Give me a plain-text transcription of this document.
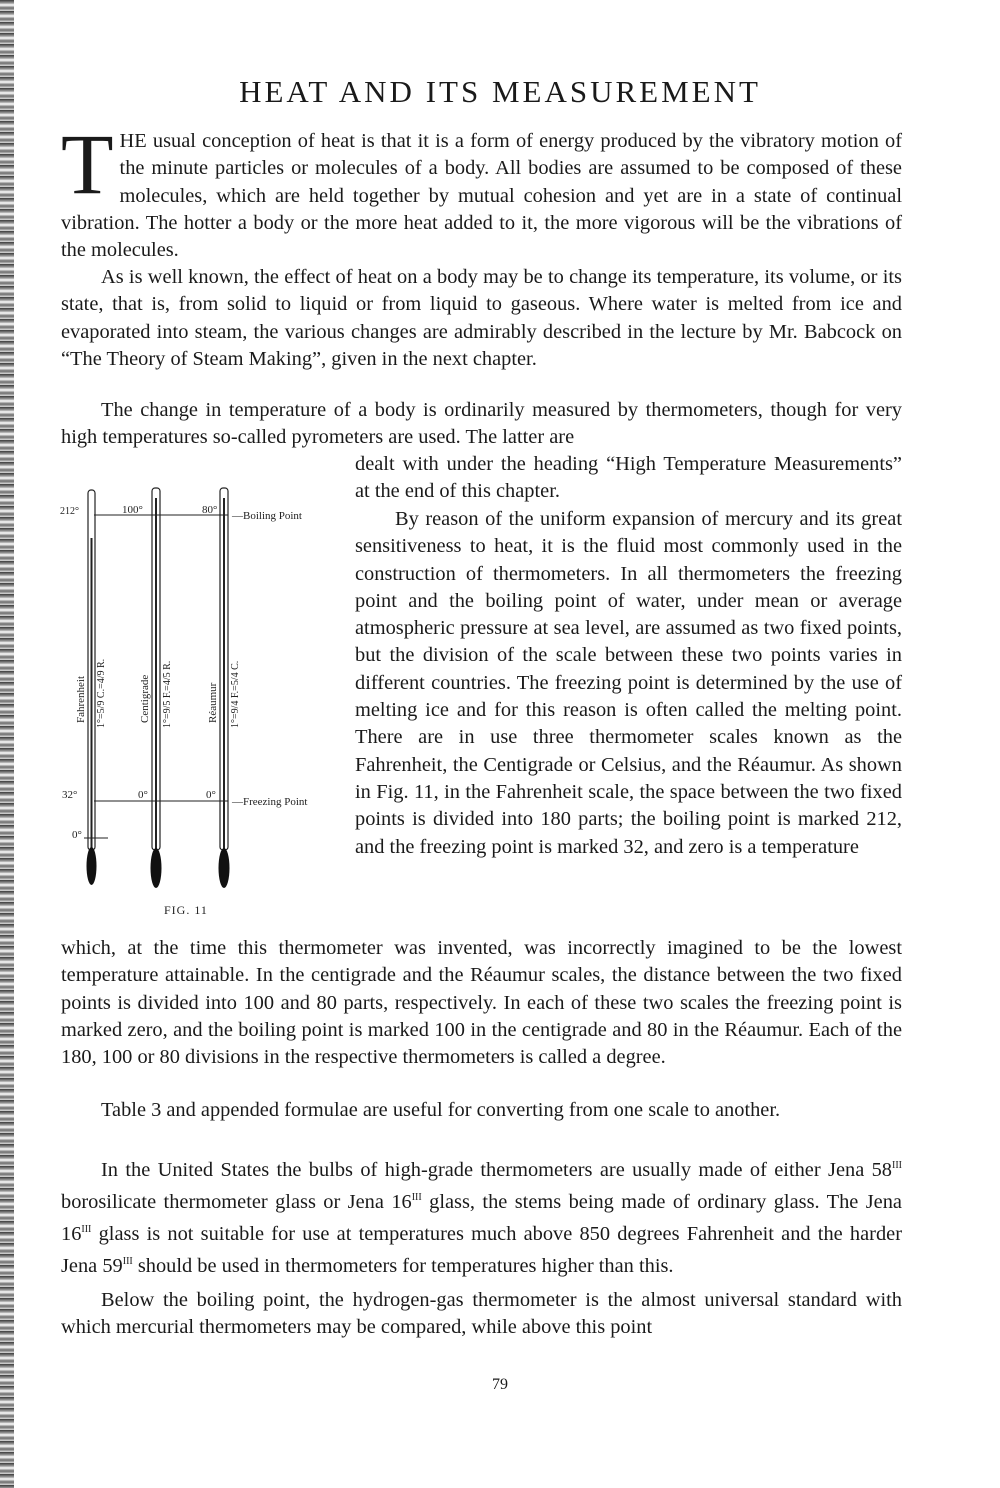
HEAT AND ITS MEASUREMENT

THE usual conception of heat is that it is a form of energy produced by the vibratory motion of the minute particles or molecules of a body. All bodies are assumed to be composed of these molecules, which are held together by mutual cohesion and yet are in a state of continual vibration. The hotter a body or the more heat added to it, the more vigorous will be the vibrations of the molecules.

As is well known, the effect of heat on a body may be to change its temperature, its volume, or its state, that is, from solid to liquid or from liquid to gaseous. Where water is melted from ice and evaporated into steam, the various changes are admirably described in the lecture by Mr. Babcock on “The Theory of Steam Making”, given in the next chapter.

The change in temperature of a body is ordinarily measured by thermometers, though for very high temperatures so-called pyrometers are used. The latter are

dealt with under the heading “High Temperature Measurements” at the end of this chapter.

By reason of the uniform expansion of mercury and its great sensitiveness to heat, it is the fluid most commonly used in the construction of thermometers. In all thermometers the freezing point and the boiling point of water, under mean or average atmospheric pressure at sea level, are assumed as two fixed points, but the division of the scale between these two points varies in different countries. The freezing point is determined by the use of melting ice and for this reason is often called the melting point. There are in use three thermometer scales known as the Fahrenheit, the Centigrade or Celsius, and the Réaumur. As shown in Fig. 11, in the Fahrenheit scale, the space between the two fixed points is divided into 180 parts; the boiling point is marked 212, and the freezing point is marked 32, and zero is a temperature

212°	100°	80° —Boiling Point
32°	0°	0°
—Freezing Point
0°
Fahrenheit 1°=5/9 C.=4/9 R.	Centigrade 1°=9/5 F.=4/5 R.	Réaumur 1°=9/4 F.=5/4 C.
FIG. 11

which, at the time this thermometer was invented, was incorrectly imagined to be the lowest temperature attainable. In the centigrade and the Réaumur scales, the distance between the two fixed points is divided into 100 and 80 parts, respectively. In each of these two scales the freezing point is marked zero, and the boiling point is marked 100 in the centigrade and 80 in the Réaumur. Each of the 180, 100 or 80 divisions in the respective thermometers is called a degree.

Table 3 and appended formulae are useful for converting from one scale to another.

In the United States the bulbs of high-grade thermometers are usually made of either Jena $58^{III}$ borosilicate thermometer glass or Jena $16^{III}$ glass, the stems being made of ordinary glass. The Jena $16^{III}$ glass is not suitable for use at temperatures much above 850 degrees Fahrenheit and the harder Jena $59^{III}$ should be used in thermometers for temperatures higher than this.

Below the boiling point, the hydrogen-gas thermometer is the almost universal standard with which mercurial thermometers may be compared, while above this point

79
